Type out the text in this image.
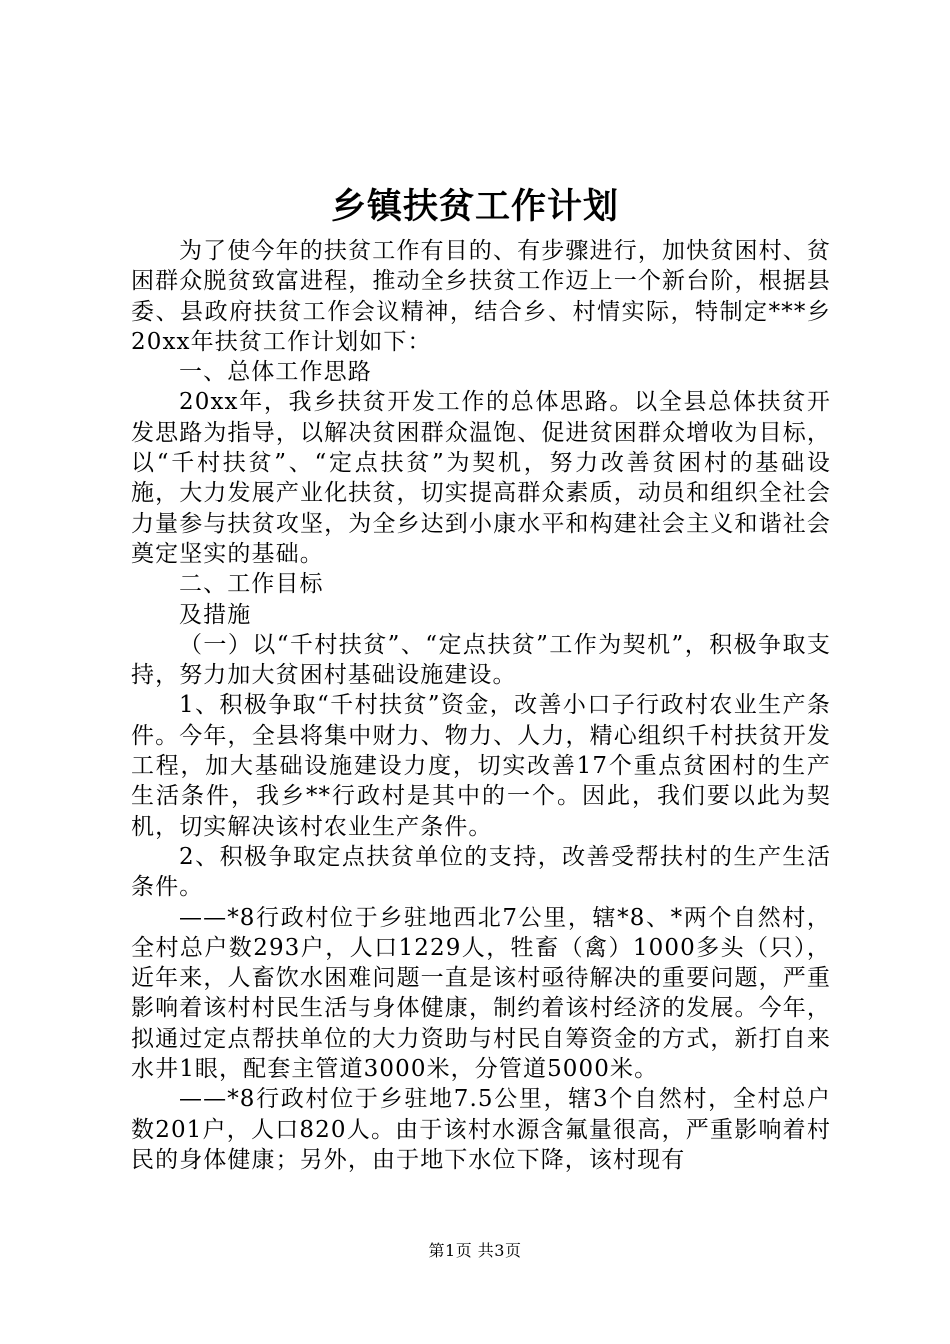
乡镇扶贫工作计划

为了使今年的扶贫工作有目的、有步骤进行，加快贫困村、贫困群众脱贫致富进程，推动全乡扶贫工作迈上一个新台阶，根据县委、县政府扶贫工作会议精神，结合乡、村情实际，特制定***乡20xx年扶贫工作计划如下：

一、总体工作思路

20xx年，我乡扶贫开发工作的总体思路。以全县总体扶贫开发思路为指导，以解决贫困群众温饱、促进贫困群众增收为目标，以“千村扶贫”、“定点扶贫”为契机，努力改善贫困村的基础设施，大力发展产业化扶贫，切实提高群众素质，动员和组织全社会力量参与扶贫攻坚，为全乡达到小康水平和构建社会主义和谐社会奠定坚实的基础。

二、工作目标

及措施

（一）以“千村扶贫”、“定点扶贫”工作为契机”，积极争取支持，努力加大贫困村基础设施建设。

1、积极争取“千村扶贫”资金，改善小口子行政村农业生产条件。今年，全县将集中财力、物力、人力，精心组织千村扶贫开发工程，加大基础设施建设力度，切实改善17个重点贫困村的生产生活条件，我乡**行政村是其中的一个。因此，我们要以此为契机，切实解决该村农业生产条件。

2、积极争取定点扶贫单位的支持，改善受帮扶村的生产生活条件。

——*8行政村位于乡驻地西北7公里，辖*8、*两个自然村，全村总户数293户，人口1229人，牲畜（禽）1000多头（只），近年来，人畜饮水困难问题一直是该村亟待解决的重要问题，严重影响着该村村民生活与身体健康，制约着该村经济的发展。今年，拟通过定点帮扶单位的大力资助与村民自筹资金的方式，新打自来水井1眼，配套主管道3000米，分管道5000米。

——*8行政村位于乡驻地7.5公里，辖3个自然村，全村总户数201户，人口820人。由于该村水源含氟量很高，严重影响着村民的身体健康；另外，由于地下水位下降，该村现有

第1页 共3页
